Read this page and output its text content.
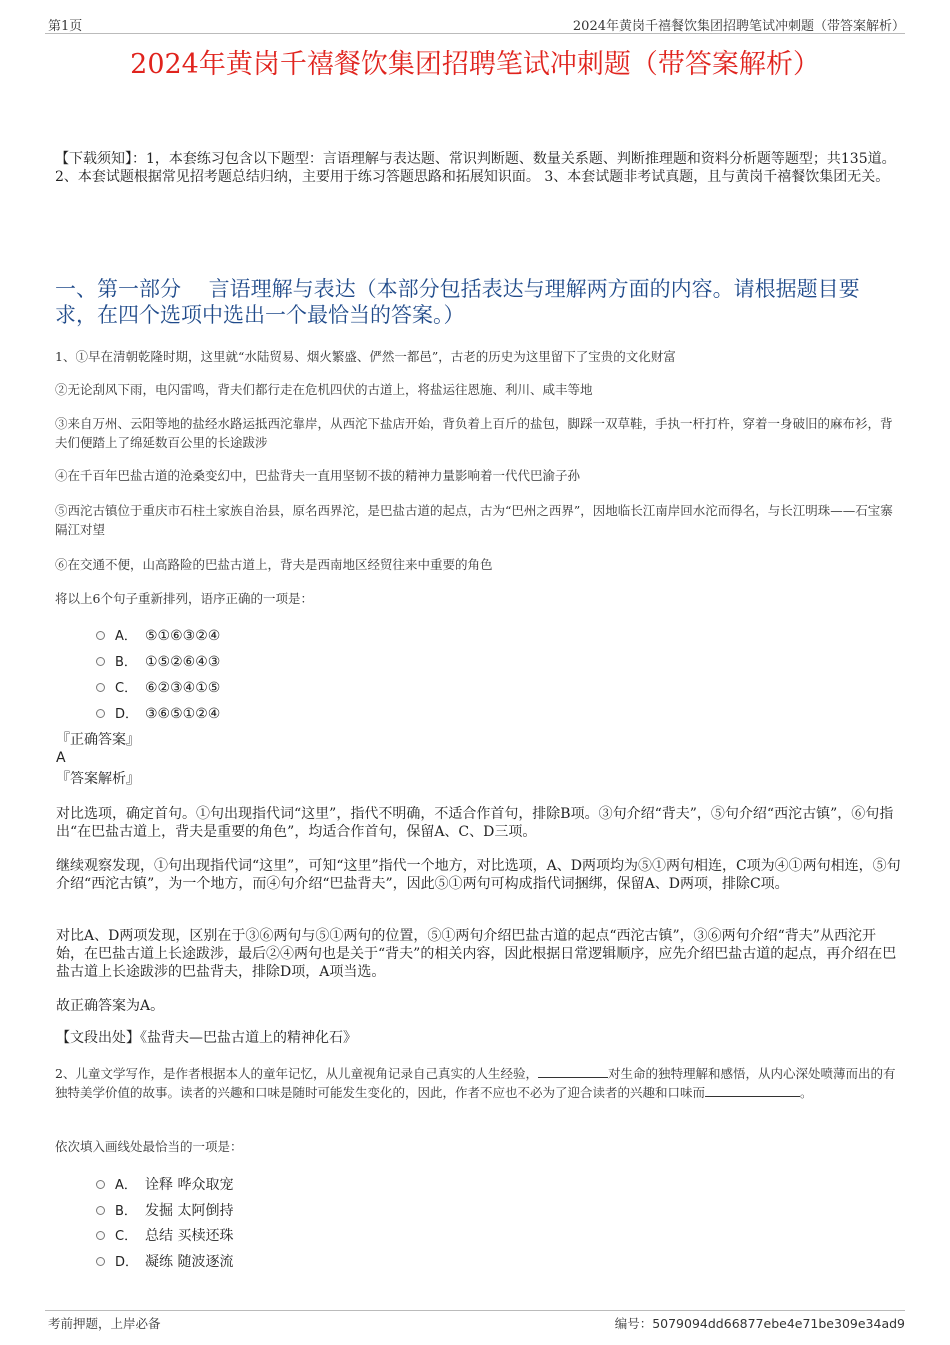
第1页	2024年黄岗千禧餐饮集团招聘笔试冲刺题（带答案解析）
2024年黄岗千禧餐饮集团招聘笔试冲刺题（带答案解析）
【下载须知】：1，本套练习包含以下题型：言语理解与表达题、常识判断题、数量关系题、判断推理题和资料分析题等题型；共135道。 2、本套试题根据常见招考题总结归纳，主要用于练习答题思路和拓展知识面。 3、本套试题非考试真题，且与黄岗千禧餐饮集团无关。
一、第一部分　 言语理解与表达（本部分包括表达与理解两方面的内容。请根据题目要求，在四个选项中选出一个最恰当的答案。）
1、①早在清朝乾隆时期，这里就“水陆贸易、烟火繁盛、俨然一都邑”，古老的历史为这里留下了宝贵的文化财富
②无论刮风下雨，电闪雷鸣，背夫们都行走在危机四伏的古道上，将盐运往恩施、利川、咸丰等地
③来自万州、云阳等地的盐经水路运抵西沱靠岸，从西沱下盐店开始，背负着上百斤的盐包，脚踩一双草鞋，手执一杆打杵，穿着一身破旧的麻布衫，背夫们便踏上了绵延数百公里的长途跋涉
④在千百年巴盐古道的沧桑变幻中，巴盐背夫一直用坚韧不拔的精神力量影响着一代代巴渝子孙
⑤西沱古镇位于重庆市石柱土家族自治县，原名西界沱，是巴盐古道的起点，古为“巴州之西界”，因地临长江南岸回水沱而得名，与长江明珠——石宝寨隔江对望
⑥在交通不便，山高路险的巴盐古道上，背夫是西南地区经贸往来中重要的角色
将以上6个句子重新排列，语序正确的一项是：
A． ⑤①⑥③②④
B． ①⑤②⑥④③
C． ⑥②③④①⑤
D． ③⑥⑤①②④
『正确答案』
A
『答案解析』
对比选项，确定首句。①句出现指代词“这里”，指代不明确，不适合作首句，排除B项。③句介绍“背夫”，⑤句介绍“西沱古镇”，⑥句指出“在巴盐古道上，背夫是重要的角色”，均适合作首句，保留A、C、D三项。
继续观察发现，①句出现指代词“这里”，可知“这里”指代一个地方，对比选项，A、D两项均为⑤①两句相连，C项为④①两句相连，⑤句介绍“西沱古镇”，为一个地方，而④句介绍“巴盐背夫”，因此⑤①两句可构成指代词捆绑，保留A、D两项，排除C项。
对比A、D两项发现，区别在于③⑥两句与⑤①两句的位置，⑤①两句介绍巴盐古道的起点“西沱古镇”，③⑥两句介绍“背夫”从西沱开始，在巴盐古道上长途跋涉，最后②④两句也是关于“背夫”的相关内容，因此根据日常逻辑顺序，应先介绍巴盐古道的起点，再介绍在巴盐古道上长途跋涉的巴盐背夫，排除D项，A项当选。
故正确答案为A。
【文段出处】《盐背夫—巴盐古道上的精神化石》
2、儿童文学写作，是作者根据本人的童年记忆，从儿童视角记录自己真实的人生经验，	对生命的独特理解和感悟，从内心深处喷薄而出的有独特美学价值的故事。读者的兴趣和口味是随时可能发生变化的，因此，作者不应也不必为了迎合读者的兴趣和口味而	。
依次填入画线处最恰当的一项是：
A． 诠释 哗众取宠
B． 发掘 太阿倒持
C． 总结 买椟还珠
D． 凝练 随波逐流
考前押题，上岸必备	编号：5079094dd66877ebe4e71be309e34ad9
